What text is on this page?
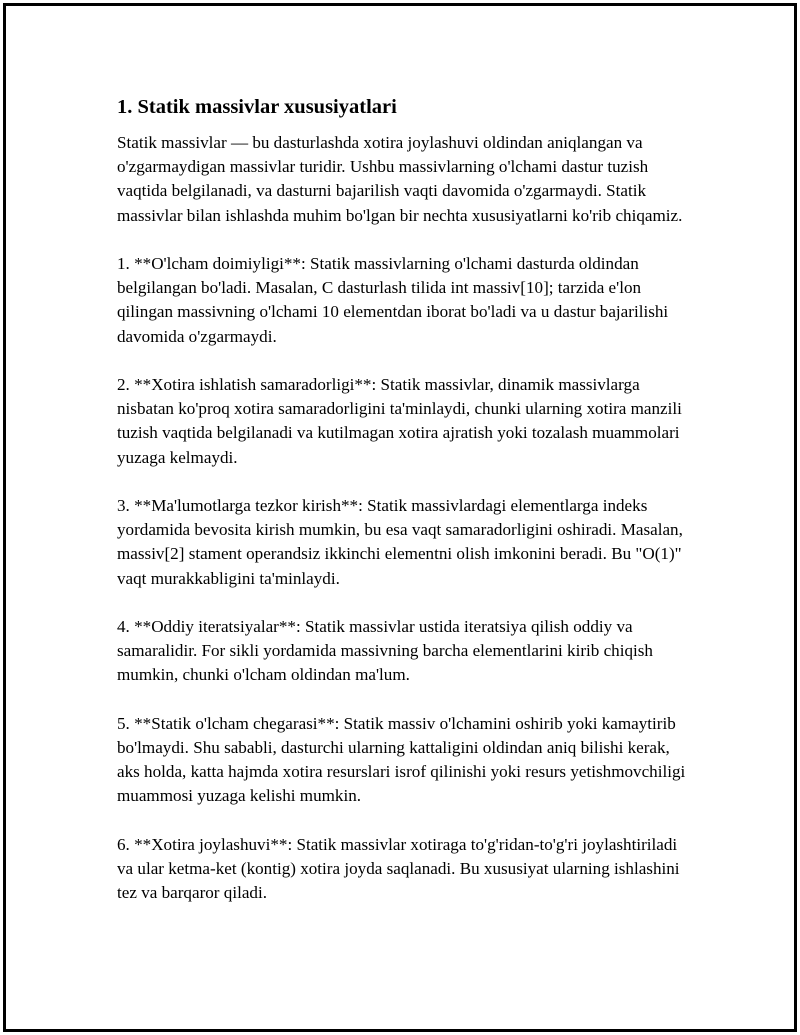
1. Statik massivlar xususiyatlari

Statik massivlar — bu dasturlashda xotira joylashuvi oldindan aniqlangan va o'zgarmaydigan massivlar turidir. Ushbu massivlarning o'lchami dastur tuzish vaqtida belgilanadi, va dasturni bajarilish vaqti davomida o'zgarmaydi. Statik massivlar bilan ishlashda muhim bo'lgan bir nechta xususiyatlarni ko'rib chiqamiz.

1. **O'lcham doimiyligi**: Statik massivlarning o'lchami dasturda oldindan belgilangan bo'ladi. Masalan, C dasturlash tilida int massiv[10]; tarzida e'lon qilingan massivning o'lchami 10 elementdan iborat bo'ladi va u dastur bajarilishi davomida o'zgarmaydi.

2. **Xotira ishlatish samaradorligi**: Statik massivlar, dinamik massivlarga nisbatan ko'proq xotira samaradorligini ta'minlaydi, chunki ularning xotira manzili tuzish vaqtida belgilanadi va kutilmagan xotira ajratish yoki tozalash muammolari yuzaga kelmaydi.

3. **Ma'lumotlarga tezkor kirish**: Statik massivlardagi elementlarga indeks yordamida bevosita kirish mumkin, bu esa vaqt samaradorligini oshiradi. Masalan, massiv[2] stament operandsiz ikkinchi elementni olish imkonini beradi. Bu "O(1)" vaqt murakkabligini ta'minlaydi.

4. **Oddiy iteratsiyalar**: Statik massivlar ustida iteratsiya qilish oddiy va samaralidir. For sikli yordamida massivning barcha elementlarini kirib chiqish mumkin, chunki o'lcham oldindan ma'lum.

5. **Statik o'lcham chegarasi**: Statik massiv o'lchamini oshirib yoki kamaytirib bo'lmaydi. Shu sababli, dasturchi ularning kattaligini oldindan aniq bilishi kerak, aks holda, katta hajmda xotira resurslari isrof qilinishi yoki resurs yetishmovchiligi muammosi yuzaga kelishi mumkin.

6. **Xotira joylashuvi**: Statik massivlar xotiraga to'g'ridan-to'g'ri joylashtiriladi va ular ketma-ket (kontig) xotira joyda saqlanadi. Bu xususiyat ularning ishlashini tez va barqaror qiladi.
